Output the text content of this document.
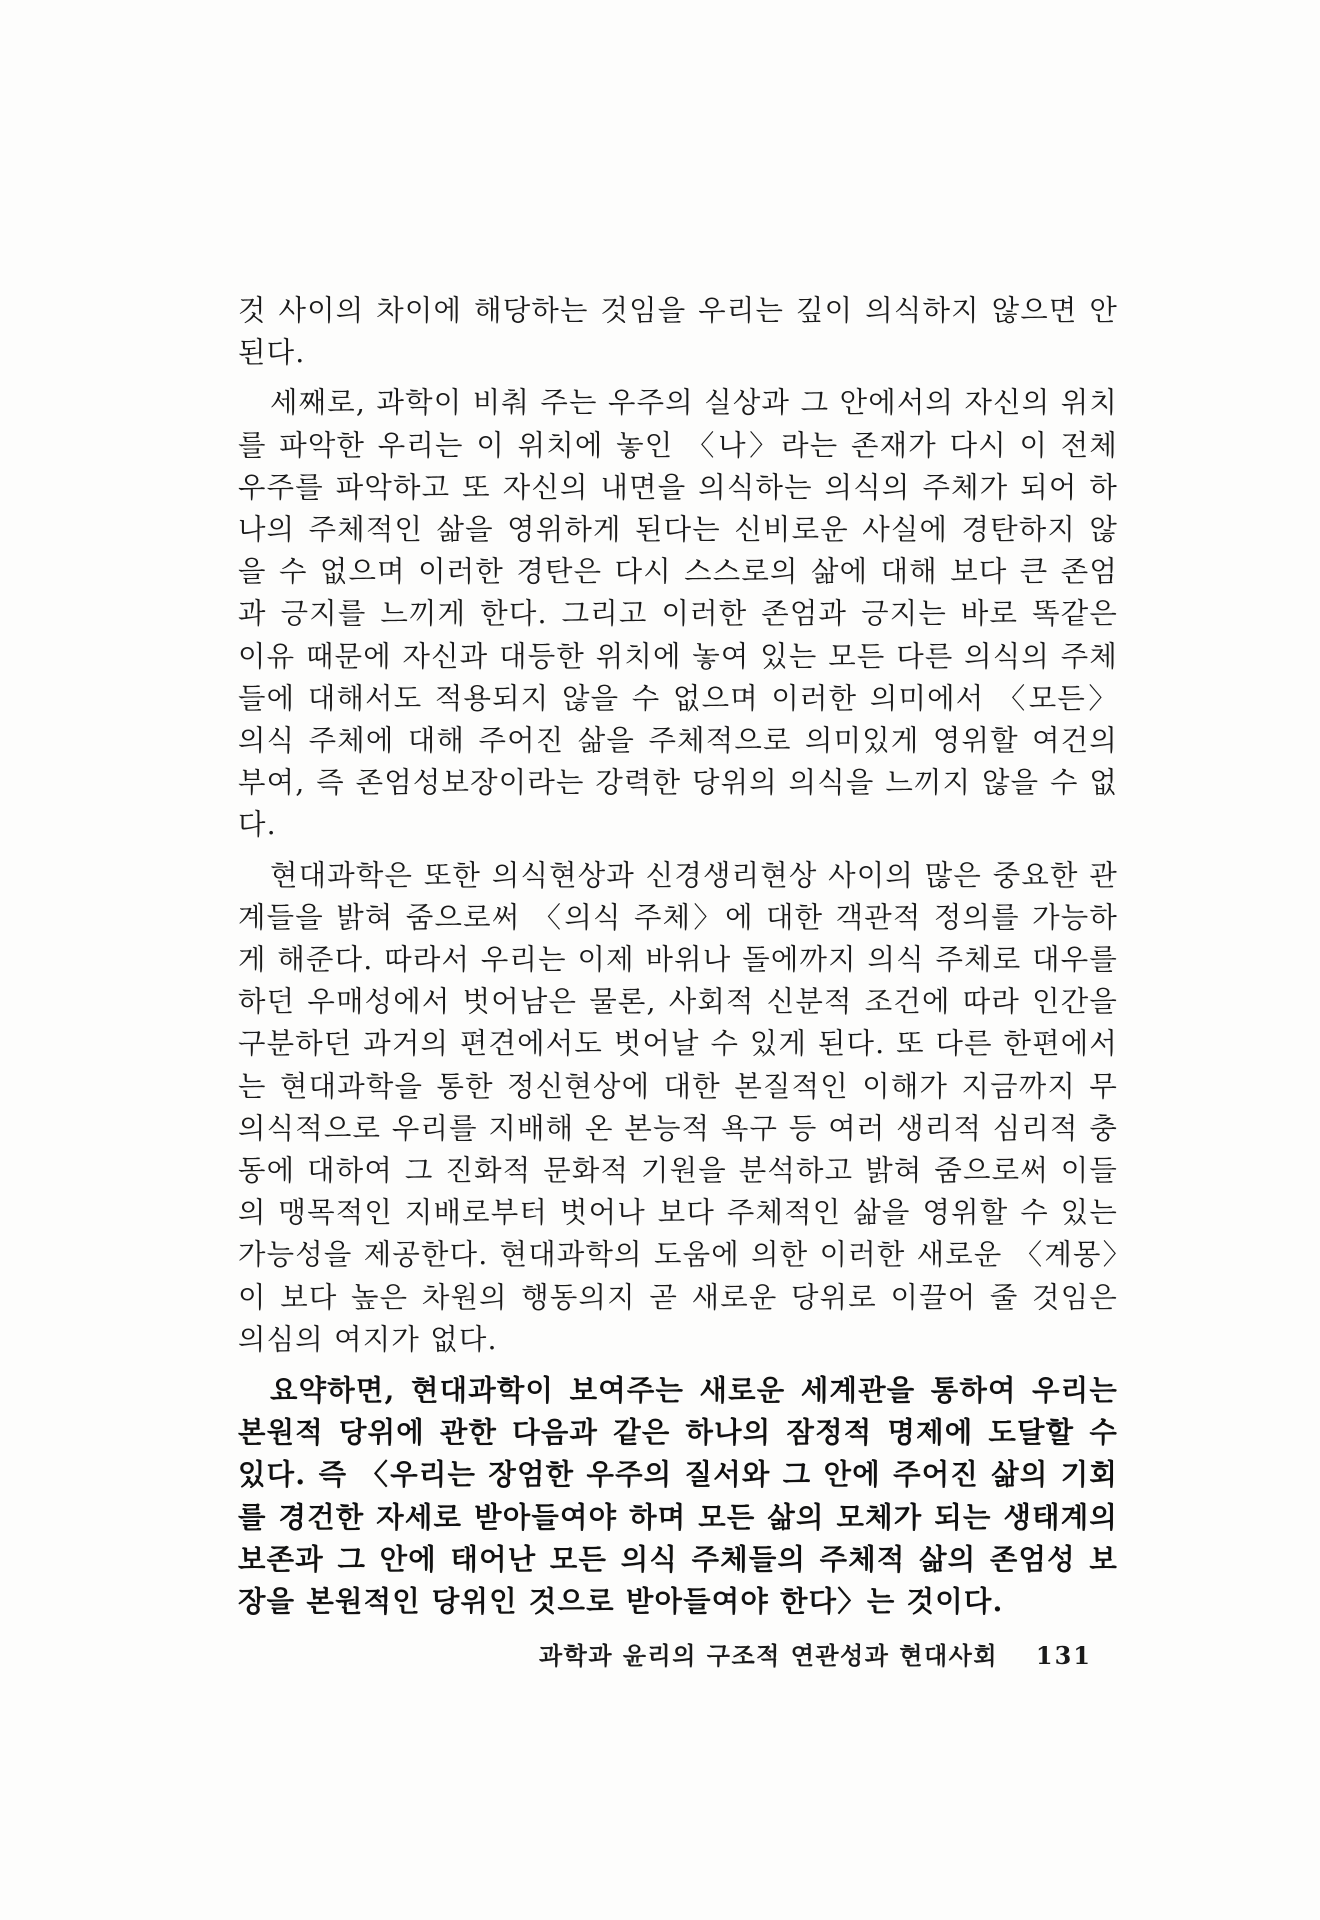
것 사이의 차이에 해당하는 것임을 우리는 깊이 의식하지 않으면 안된다.

세째로, 과학이 비춰 주는 우주의 실상과 그 안에서의 자신의 위치를 파악한 우리는 이 위치에 놓인 〈나〉라는 존재가 다시 이 전체 우주를 파악하고 또 자신의 내면을 의식하는 의식의 주체가 되어 하나의 주체적인 삶을 영위하게 된다는 신비로운 사실에 경탄하지 않을 수 없으며 이러한 경탄은 다시 스스로의 삶에 대해 보다 큰 존엄과 긍지를 느끼게 한다. 그리고 이러한 존엄과 긍지는 바로 똑같은 이유 때문에 자신과 대등한 위치에 놓여 있는 모든 다른 의식의 주체들에 대해서도 적용되지 않을 수 없으며 이러한 의미에서 〈모든〉 의식 주체에 대해 주어진 삶을 주체적으로 의미있게 영위할 여건의 부여, 즉 존엄성보장이라는 강력한 당위의 의식을 느끼지 않을 수 없다.

현대과학은 또한 의식현상과 신경생리현상 사이의 많은 중요한 관계들을 밝혀 줌으로써 〈의식 주체〉에 대한 객관적 정의를 가능하게 해준다. 따라서 우리는 이제 바위나 돌에까지 의식 주체로 대우를 하던 우매성에서 벗어남은 물론, 사회적 신분적 조건에 따라 인간을 구분하던 과거의 편견에서도 벗어날 수 있게 된다. 또 다른 한편에서는 현대과학을 통한 정신현상에 대한 본질적인 이해가 지금까지 무의식적으로 우리를 지배해 온 본능적 욕구 등 여러 생리적 심리적 충동에 대하여 그 진화적 문화적 기원을 분석하고 밝혀 줌으로써 이들의 맹목적인 지배로부터 벗어나 보다 주체적인 삶을 영위할 수 있는 가능성을 제공한다. 현대과학의 도움에 의한 이러한 새로운 〈계몽〉이 보다 높은 차원의 행동의지 곧 새로운 당위로 이끌어 줄 것임은 의심의 여지가 없다.

요약하면, 현대과학이 보여주는 새로운 세계관을 통하여 우리는 본원적 당위에 관한 다음과 같은 하나의 잠정적 명제에 도달할 수 있다. 즉 〈우리는 장엄한 우주의 질서와 그 안에 주어진 삶의 기회를 경건한 자세로 받아들여야 하며 모든 삶의 모체가 되는 생태계의 보존과 그 안에 태어난 모든 의식 주체들의 주체적 삶의 존엄성 보장을 본원적인 당위인 것으로 받아들여야 한다〉는 것이다.

과학과 윤리의 구조적 연관성과 현대사회 131
